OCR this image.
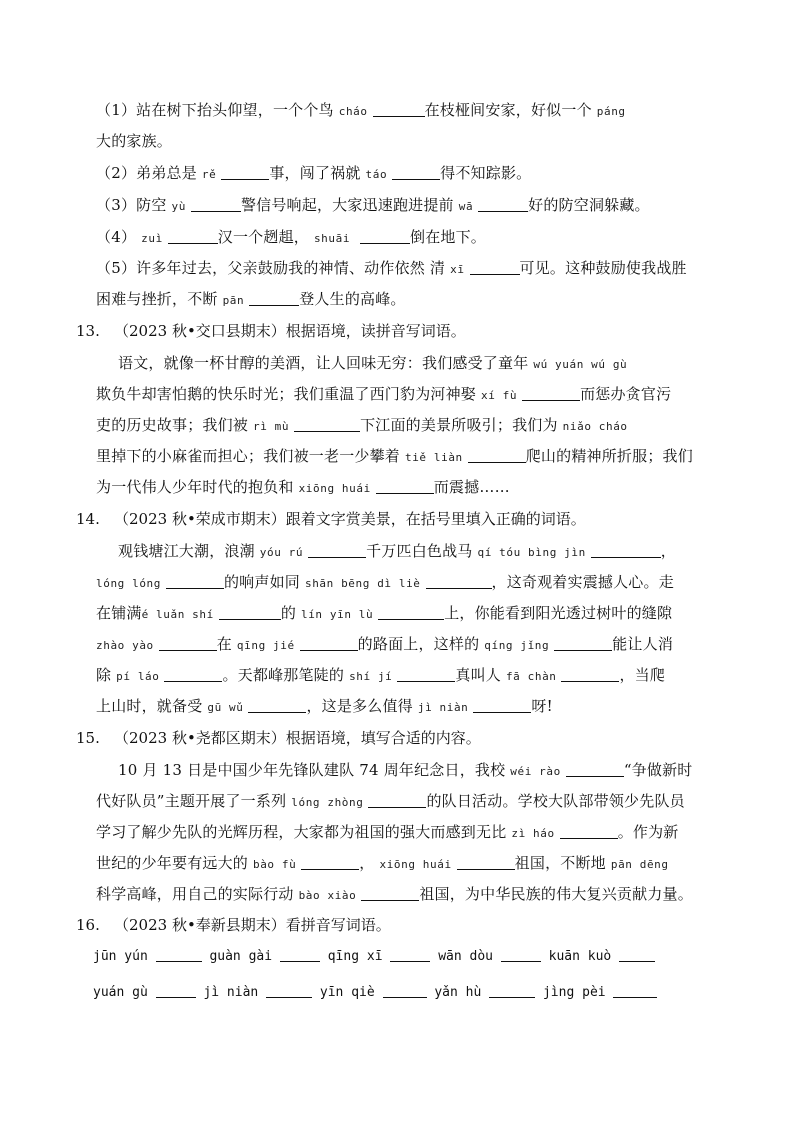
（1）站在树下抬头仰望，一个个鸟 cháo	在枝桠间安家，好似一个 páng
大的家族。
（2）弟弟总是 rě	事，闯了祸就 táo	得不知踪影。
（3）防空 yù	警信号响起，大家迅速跑进提前 wā	好的防空洞躲藏。
（4） zuì	汉一个趔趄， shuāi	倒在地下。
（5）许多年过去，父亲鼓励我的神情、动作依然 清 xī	可见。这种鼓励使我战胜
困难与挫折，不断 pān	登人生的高峰。
13. （2023 秋•交口县期末）根据语境，读拼音写词语。
语文，就像一杯甘醇的美酒，让人回味无穷：我们感受了童年 wú yuán wú gù
欺负牛却害怕鹅的快乐时光；我们重温了西门豹为河神娶 xí fù	而惩办贪官污
吏的历史故事；我们被 rì mù	下江面的美景所吸引；我们为 niǎo cháo
里掉下的小麻雀而担心；我们被一老一少攀着 tiě liàn	爬山的精神所折服；我们
为一代伟人少年时代的抱负和 xiōng huái	而震撼……
14. （2023 秋•荣成市期末）跟着文字赏美景，在括号里填入正确的词语。
观钱塘江大潮，浪潮 yóu rú	千万匹白色战马 qí tóu bìng jìn	，
lóng lóng	的响声如同 shān bēng dì liè	，这奇观着实震撼人心。走
在铺满é luǎn shí	的 lín yīn lù	上，你能看到阳光透过树叶的缝隙
zhào yào	在 qīng jié	的路面上，这样的 qíng jǐng	能让人消
除 pí láo	。天都峰那笔陡的 shí jí	真叫人 fā chàn	，当爬
上山时，就备受 gū wǔ	，这是多么值得 jì niàn	呀!
15. （2023 秋•尧都区期末）根据语境，填写合适的内容。
10 月 13 日是中国少年先锋队建队 74 周年纪念日，我校 wéi rào	“争做新时
代好队员”主题开展了一系列 lóng zhòng	的队日活动。学校大队部带领少先队员
学习了解少先队的光辉历程，大家都为祖国的强大而感到无比 zì háo	。作为新
世纪的少年要有远大的 bào fù	， xiōng huái	祖国，不断地 pān dēng
科学高峰，用自己的实际行动 bào xiào	祖国，为中华民族的伟大复兴贡献力量。
16. （2023 秋•奉新县期末）看拼音写词语。
jūn yún	guàn gài	qīng xī	wān dòu	kuān kuò
yuán gù	jì niàn	yīn qiè	yǎn hù	jìng pèi
